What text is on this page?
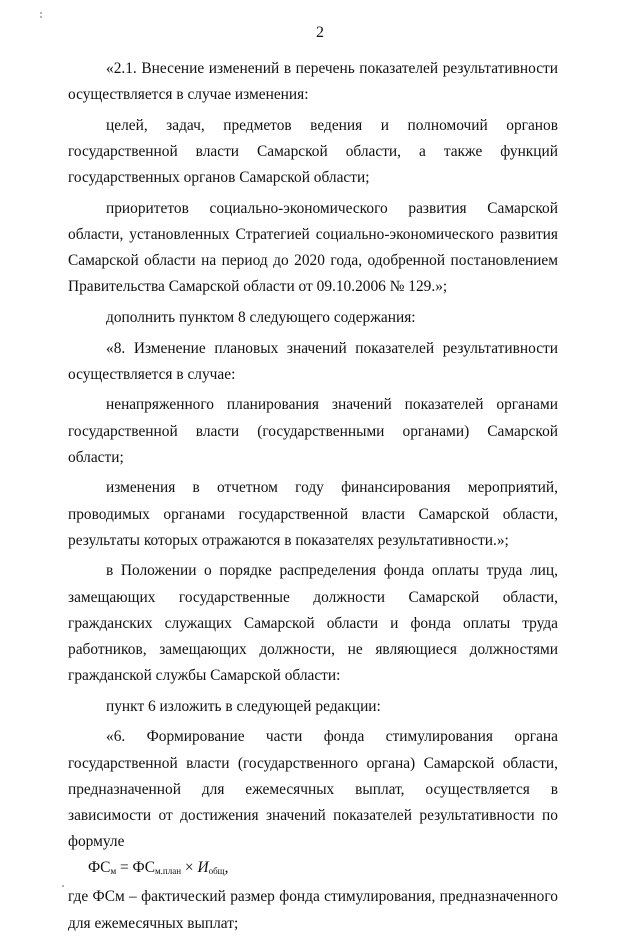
2

«2.1. Внесение изменений в перечень показателей результативности осуществляется в случае изменения:

целей, задач, предметов ведения и полномочий органов государственной власти Самарской области, а также функций государственных органов Самарской области;

приоритетов социально-экономического развития Самарской области, установленных Стратегией социально-экономического развития Самарской области на период до 2020 года, одобренной постановлением Правительства Самарской области от 09.10.2006 № 129.»;

дополнить пунктом 8 следующего содержания:

«8. Изменение плановых значений показателей результативности осуществляется в случае:

ненапряженного планирования значений показателей органами государственной власти (государственными органами) Самарской области;

изменения в отчетном году финансирования мероприятий, проводимых органами государственной власти Самарской области, результаты которых отражаются в показателях результативности.»;

в Положении о порядке распределения фонда оплаты труда лиц, замещающих государственные должности Самарской области, гражданских служащих Самарской области и фонда оплаты труда работников, замещающих должности, не являющиеся должностями гражданской службы Самарской области:

пункт 6 изложить в следующей редакции:

«6. Формирование части фонда стимулирования органа государственной власти (государственного органа) Самарской области, предназначенной для ежемесячных выплат, осуществляется в зависимости от достижения значений показателей результативности по формуле

$ФС_м = ФС_{м.план} \times И_{общ}$,

где ФСм – фактический размер фонда стимулирования, предназначенного для ежемесячных выплат;
